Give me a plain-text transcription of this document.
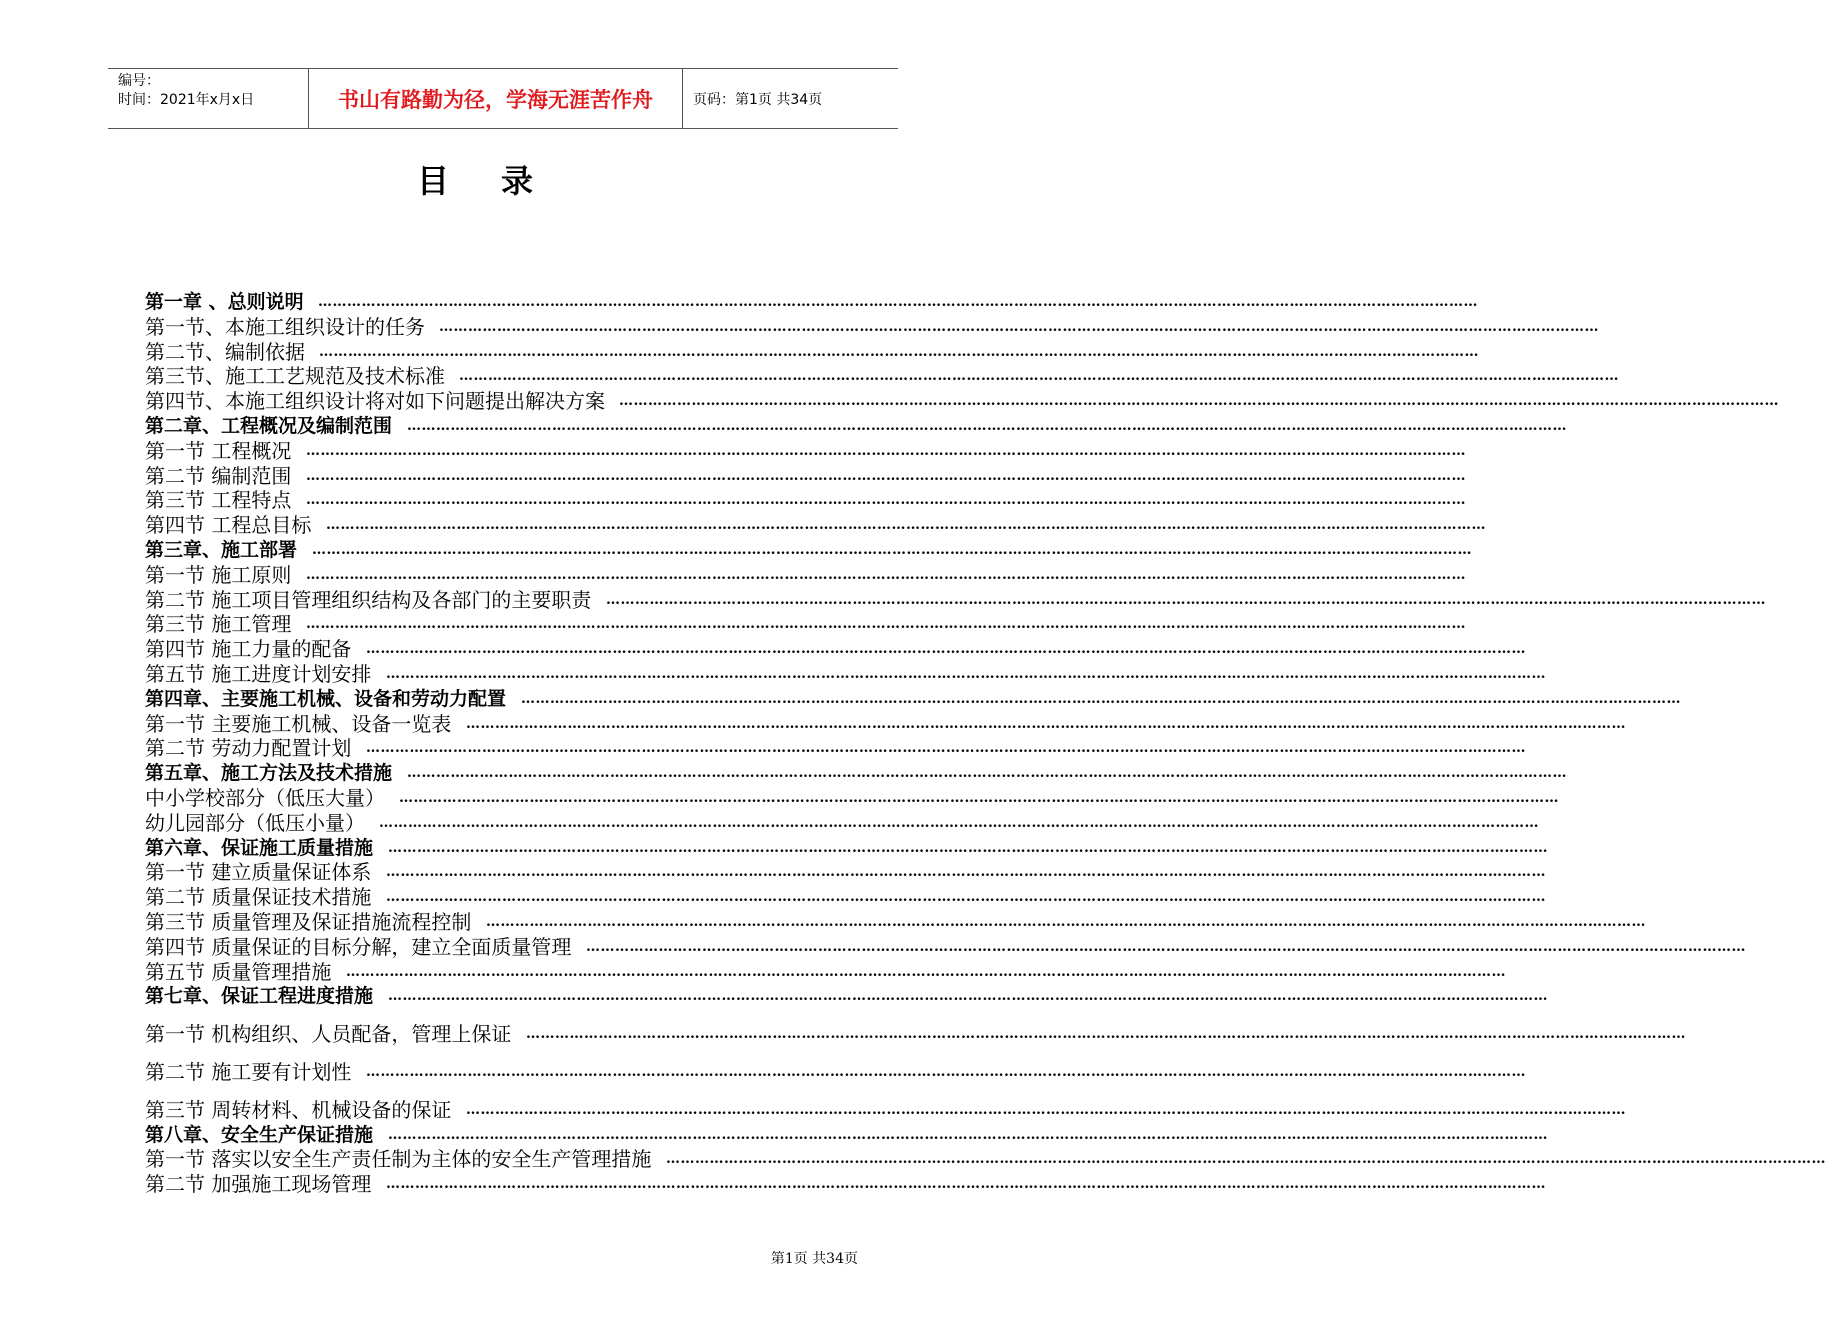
编号：
时间：2021年x月x日	书山有路勤为径，学海无涯苦作舟	页码：第1页 共34页
目录
第一章 、总则说明 ……………………………………………………………………………………………………………………………………………………………………………………………………………………
第一节、本施工组织设计的任务 ……………………………………………………………………………………………………………………………………………………………………………………………………………………
第二节、编制依据 ……………………………………………………………………………………………………………………………………………………………………………………………………………………
第三节、施工工艺规范及技术标准 ……………………………………………………………………………………………………………………………………………………………………………………………………………………
第四节、本施工组织设计将对如下问题提出解决方案 ……………………………………………………………………………………………………………………………………………………………………………………………………………………
第二章、工程概况及编制范围 ……………………………………………………………………………………………………………………………………………………………………………………………………………………
第一节 工程概况 ……………………………………………………………………………………………………………………………………………………………………………………………………………………
第二节 编制范围 ……………………………………………………………………………………………………………………………………………………………………………………………………………………
第三节 工程特点 ……………………………………………………………………………………………………………………………………………………………………………………………………………………
第四节 工程总目标 ……………………………………………………………………………………………………………………………………………………………………………………………………………………
第三章、施工部署 ……………………………………………………………………………………………………………………………………………………………………………………………………………………
第一节 施工原则 ……………………………………………………………………………………………………………………………………………………………………………………………………………………
第二节 施工项目管理组织结构及各部门的主要职责 ……………………………………………………………………………………………………………………………………………………………………………………………………………………
第三节 施工管理 ……………………………………………………………………………………………………………………………………………………………………………………………………………………
第四节 施工力量的配备 ……………………………………………………………………………………………………………………………………………………………………………………………………………………
第五节 施工进度计划安排 ……………………………………………………………………………………………………………………………………………………………………………………………………………………
第四章、主要施工机械、设备和劳动力配置 ……………………………………………………………………………………………………………………………………………………………………………………………………………………
第一节 主要施工机械、设备一览表 ……………………………………………………………………………………………………………………………………………………………………………………………………………………
第二节 劳动力配置计划 ……………………………………………………………………………………………………………………………………………………………………………………………………………………
第五章、施工方法及技术措施 ……………………………………………………………………………………………………………………………………………………………………………………………………………………
中小学校部分（低压大量） ……………………………………………………………………………………………………………………………………………………………………………………………………………………
幼儿园部分（低压小量） ……………………………………………………………………………………………………………………………………………………………………………………………………………………
第六章、保证施工质量措施 ……………………………………………………………………………………………………………………………………………………………………………………………………………………
第一节 建立质量保证体系 ……………………………………………………………………………………………………………………………………………………………………………………………………………………
第二节 质量保证技术措施 ……………………………………………………………………………………………………………………………………………………………………………………………………………………
第三节 质量管理及保证措施流程控制 ……………………………………………………………………………………………………………………………………………………………………………………………………………………
第四节 质量保证的目标分解，建立全面质量管理 ……………………………………………………………………………………………………………………………………………………………………………………………………………………
第五节 质量管理措施 ……………………………………………………………………………………………………………………………………………………………………………………………………………………
第七章、保证工程进度措施 ……………………………………………………………………………………………………………………………………………………………………………………………………………………
第一节 机构组织、人员配备，管理上保证 ……………………………………………………………………………………………………………………………………………………………………………………………………………………
第二节 施工要有计划性 ……………………………………………………………………………………………………………………………………………………………………………………………………………………
第三节 周转材料、机械设备的保证 ……………………………………………………………………………………………………………………………………………………………………………………………………………………
第八章、安全生产保证措施 ……………………………………………………………………………………………………………………………………………………………………………………………………………………
第一节 落实以安全生产责任制为主体的安全生产管理措施 ……………………………………………………………………………………………………………………………………………………………………………………………………………………
第二节 加强施工现场管理 ……………………………………………………………………………………………………………………………………………………………………………………………………………………
第1页 共34页
